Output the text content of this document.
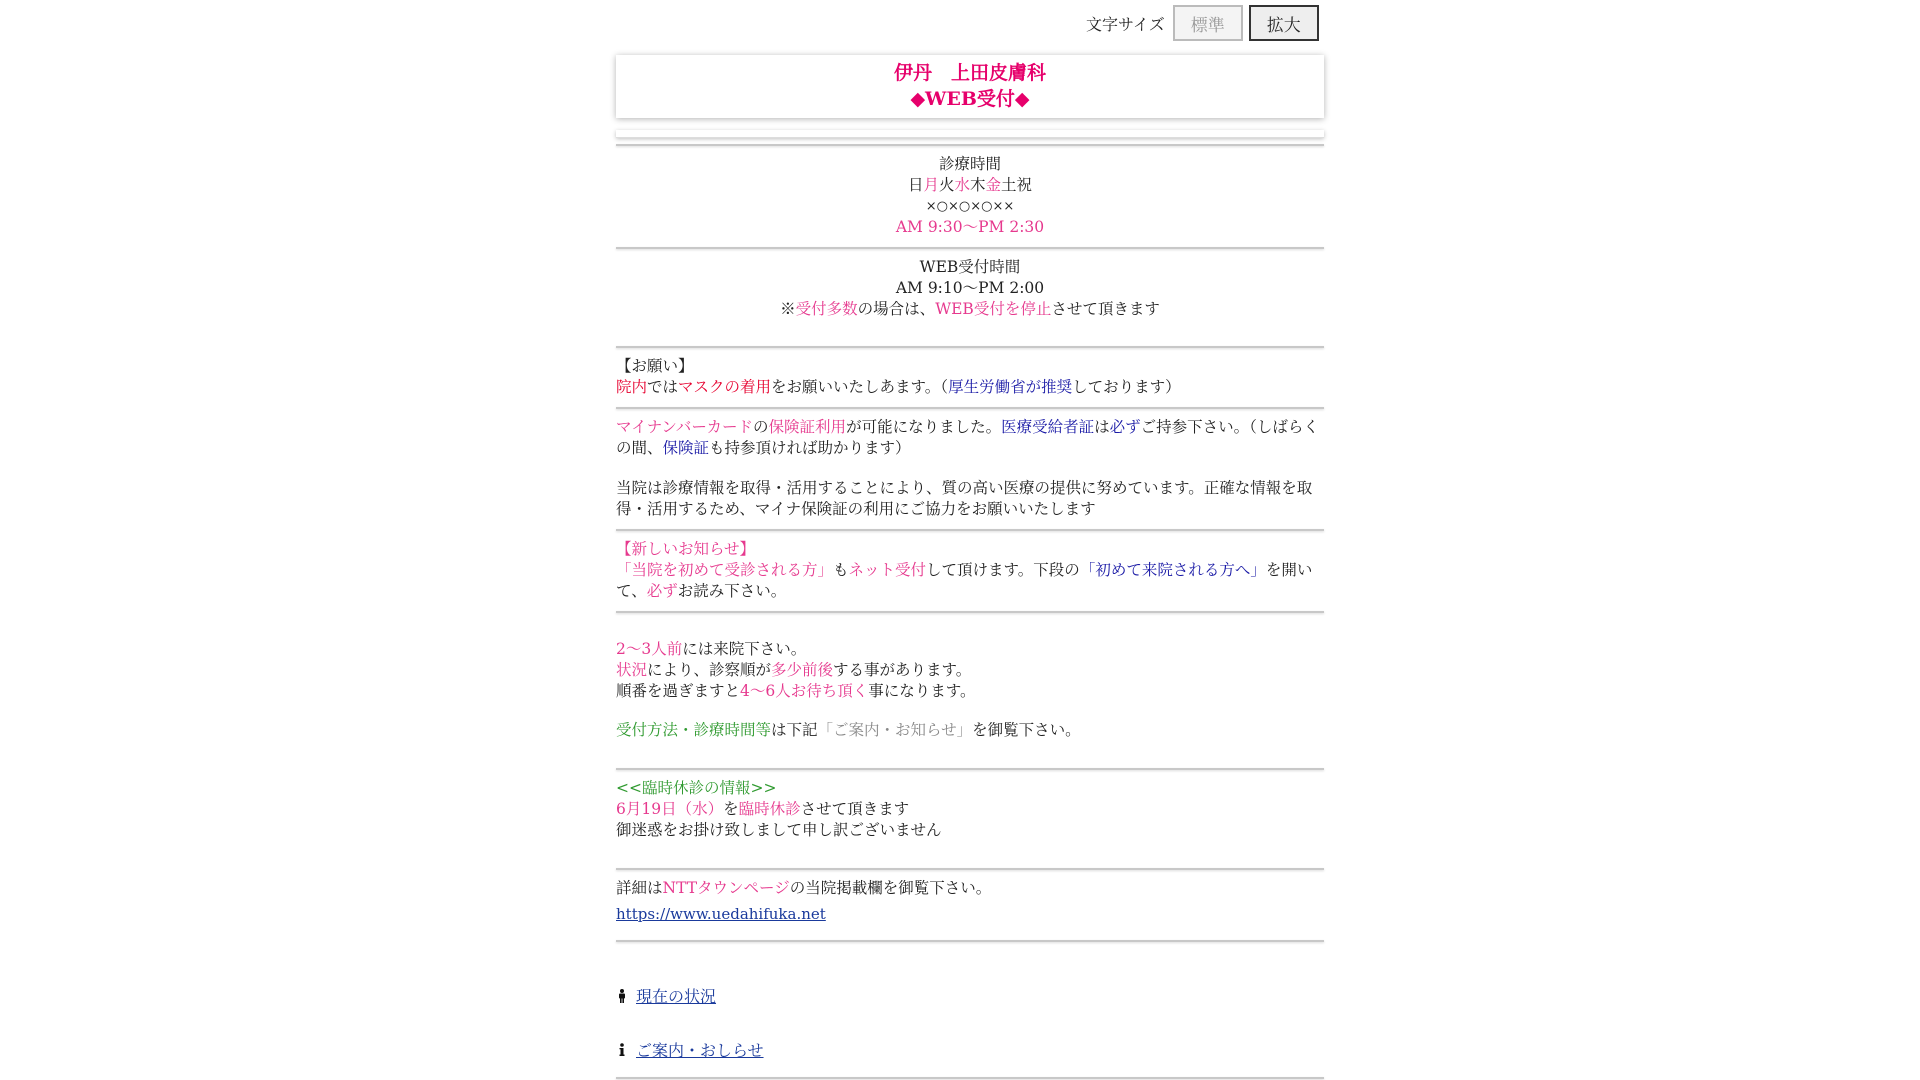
文字サイズ	標準	拡大
伊丹　上田皮膚科
◆WEB受付◆
診療時間
日月火水木金土祝
×○×○×○××
AM 9:30～PM 2:30
WEB受付時間
AM 9:10～PM 2:00
※受付多数の場合は、WEB受付を停止させて頂きます
【お願い】
院内ではマスクの着用をお願いいたしあます。（厚生労働省が推奨しております）
マイナンバーカードの保険証利用が可能になりました。医療受給者証は必ずご持参下さい。（しばらくの間、保険証も持参頂ければ助かります）
当院は診療情報を取得・活用することにより、質の高い医療の提供に努めています。正確な情報を取得・活用するため、マイナ保険証の利用にご協力をお願いいたします
【新しいお知らせ】
「当院を初めて受診される方」もネット受付して頂けます。下段の「初めて来院される方へ」を開いて、必ずお読み下さい。
2～3人前には来院下さい。
状況により、診察順が多少前後する事があります。
順番を過ぎますと4～6人お待ち頂く事になります。
受付方法・診療時間等は下記「ご案内・お知らせ」を御覧下さい。
<<臨時休診の情報>>
6月19日（水）を臨時休診させて頂きます
御迷惑をお掛け致しまして申し訳ございません
詳細はNTTタウンページの当院掲載欄を御覧下さい。
https://www.uedahifuka.net
現在の状況
ご案内・おしらせ
